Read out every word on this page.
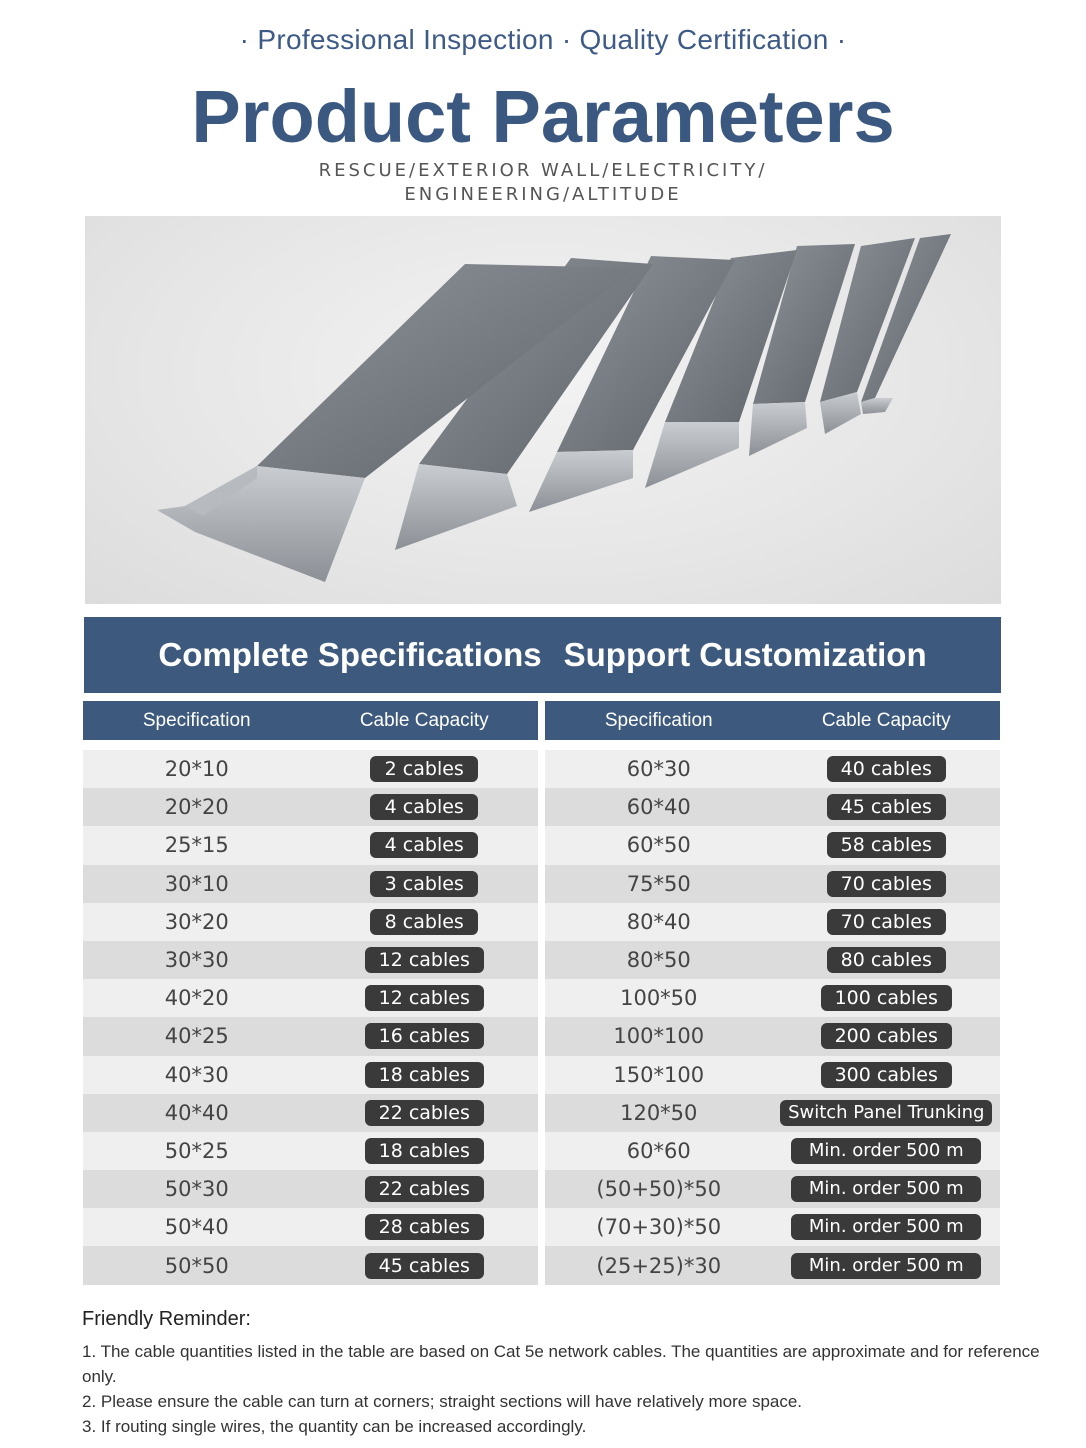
· Professional Inspection · Quality Certification ·
Product Parameters
RESCUE/EXTERIOR WALL/ELECTRICITY/
ENGINEERING/ALTITUDE
Complete Specifications Support Customization
Specification	Cable Capacity
20*10	2 cables
20*20	4 cables
25*15	4 cables
30*10	3 cables
30*20	8 cables
30*30	12 cables
40*20	12 cables
40*25	16 cables
40*30	18 cables
40*40	22 cables
50*25	18 cables
50*30	22 cables
50*40	28 cables
50*50	45 cables
Specification	Cable Capacity
60*30	40 cables
60*40	45 cables
60*50	58 cables
75*50	70 cables
80*40	70 cables
80*50	80 cables
100*50	100 cables
100*100	200 cables
150*100	300 cables
120*50	Switch Panel Trunking
60*60	Min. order 500 m
(50+50)*50	Min. order 500 m
(70+30)*50	Min. order 500 m
(25+25)*30	Min. order 500 m
Friendly Reminder:
1. The cable quantities listed in the table are based on Cat 5e network cables. The quantities are approximate and for reference only.
2. Please ensure the cable can turn at corners; straight sections will have relatively more space.
3. If routing single wires, the quantity can be increased accordingly.
